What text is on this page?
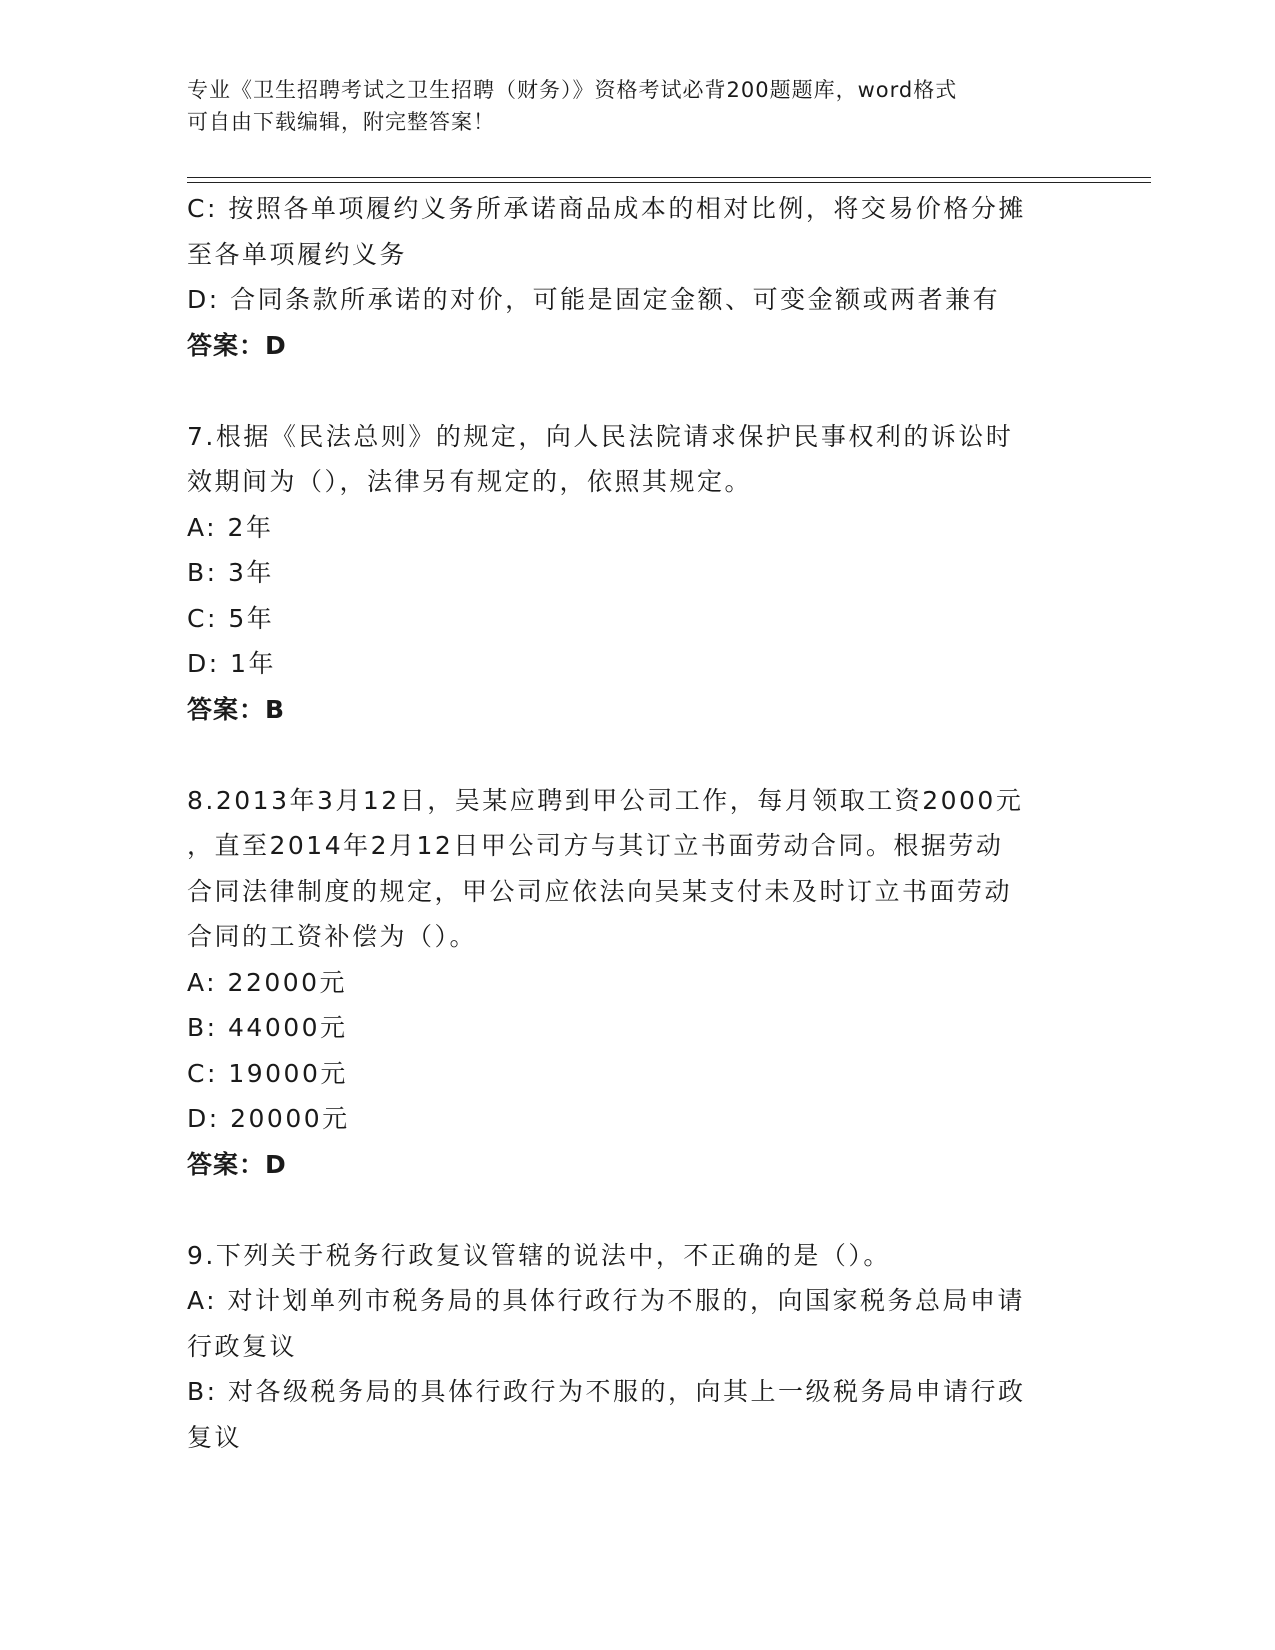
专业《卫生招聘考试之卫生招聘（财务）》资格考试必背200题题库，word格式
可自由下载编辑，附完整答案！
C: 按照各单项履约义务所承诺商品成本的相对比例，将交易价格分摊
至各单项履约义务
D: 合同条款所承诺的对价，可能是固定金额、可变金额或两者兼有
答案：D
7.根据《民法总则》的规定，向人民法院请求保护民事权利的诉讼时
效期间为（），法律另有规定的，依照其规定。
A: 2年
B: 3年
C: 5年
D: 1年
答案：B
8.2013年3月12日，吴某应聘到甲公司工作，每月领取工资2000元
，直至2014年2月12日甲公司方与其订立书面劳动合同。根据劳动
合同法律制度的规定，甲公司应依法向吴某支付未及时订立书面劳动
合同的工资补偿为（）。
A: 22000元
B: 44000元
C: 19000元
D: 20000元
答案：D
9.下列关于税务行政复议管辖的说法中，不正确的是（）。
A: 对计划单列市税务局的具体行政行为不服的，向国家税务总局申请
行政复议
B: 对各级税务局的具体行政行为不服的，向其上一级税务局申请行政
复议
